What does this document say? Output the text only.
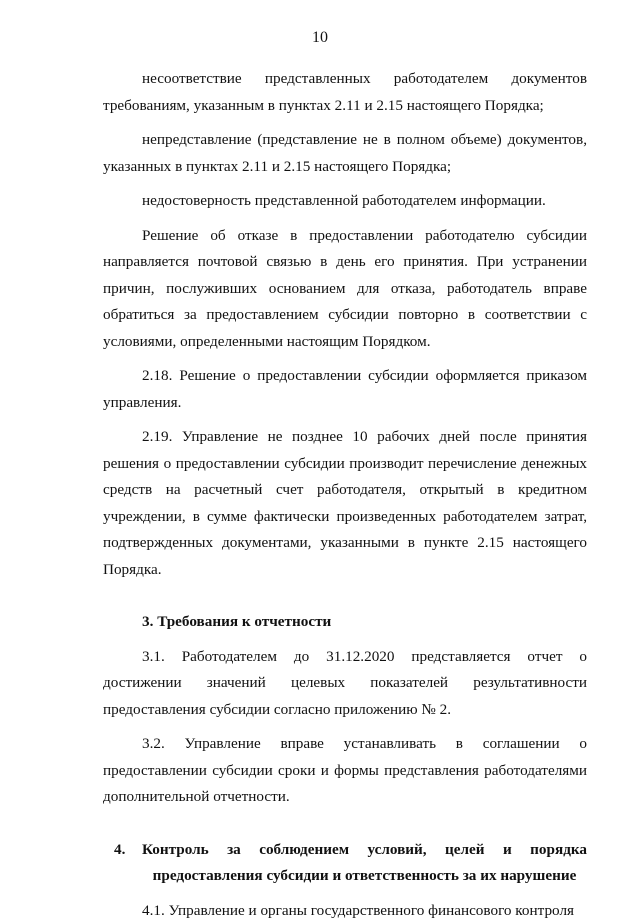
10

несоответствие представленных работодателем документов требованиям, указанным в пунктах 2.11 и 2.15 настоящего Порядка;

непредставление (представление не в полном объеме) документов, указанных в пунктах 2.11 и 2.15 настоящего Порядка;

недостоверность представленной работодателем информации.

Решение об отказе в предоставлении работодателю субсидии направляется почтовой связью в день его принятия. При устранении причин, послуживших основанием для отказа, работодатель вправе обратиться за предоставлением субсидии повторно в соответствии с условиями, определенными настоящим Порядком.

2.18. Решение о предоставлении субсидии оформляется приказом управления.

2.19. Управление не позднее 10 рабочих дней после принятия решения о предоставлении субсидии производит перечисление денежных средств на расчетный счет работодателя, открытый в кредитном учреждении, в сумме фактически произведенных работодателем затрат, подтвержденных документами, указанными в пункте 2.15 настоящего Порядка.

3. Требования к отчетности

3.1. Работодателем до 31.12.2020 представляется отчет о достижении значений целевых показателей результативности предоставления субсидии согласно приложению № 2.

3.2. Управление вправе устанавливать в соглашении о предоставлении субсидии сроки и формы представления работодателями дополнительной отчетности.

4.	Контроль за соблюдением условий, целей и порядка предоставления субсидии и ответственность за их нарушение

4.1. Управление и органы государственного финансового контроля
